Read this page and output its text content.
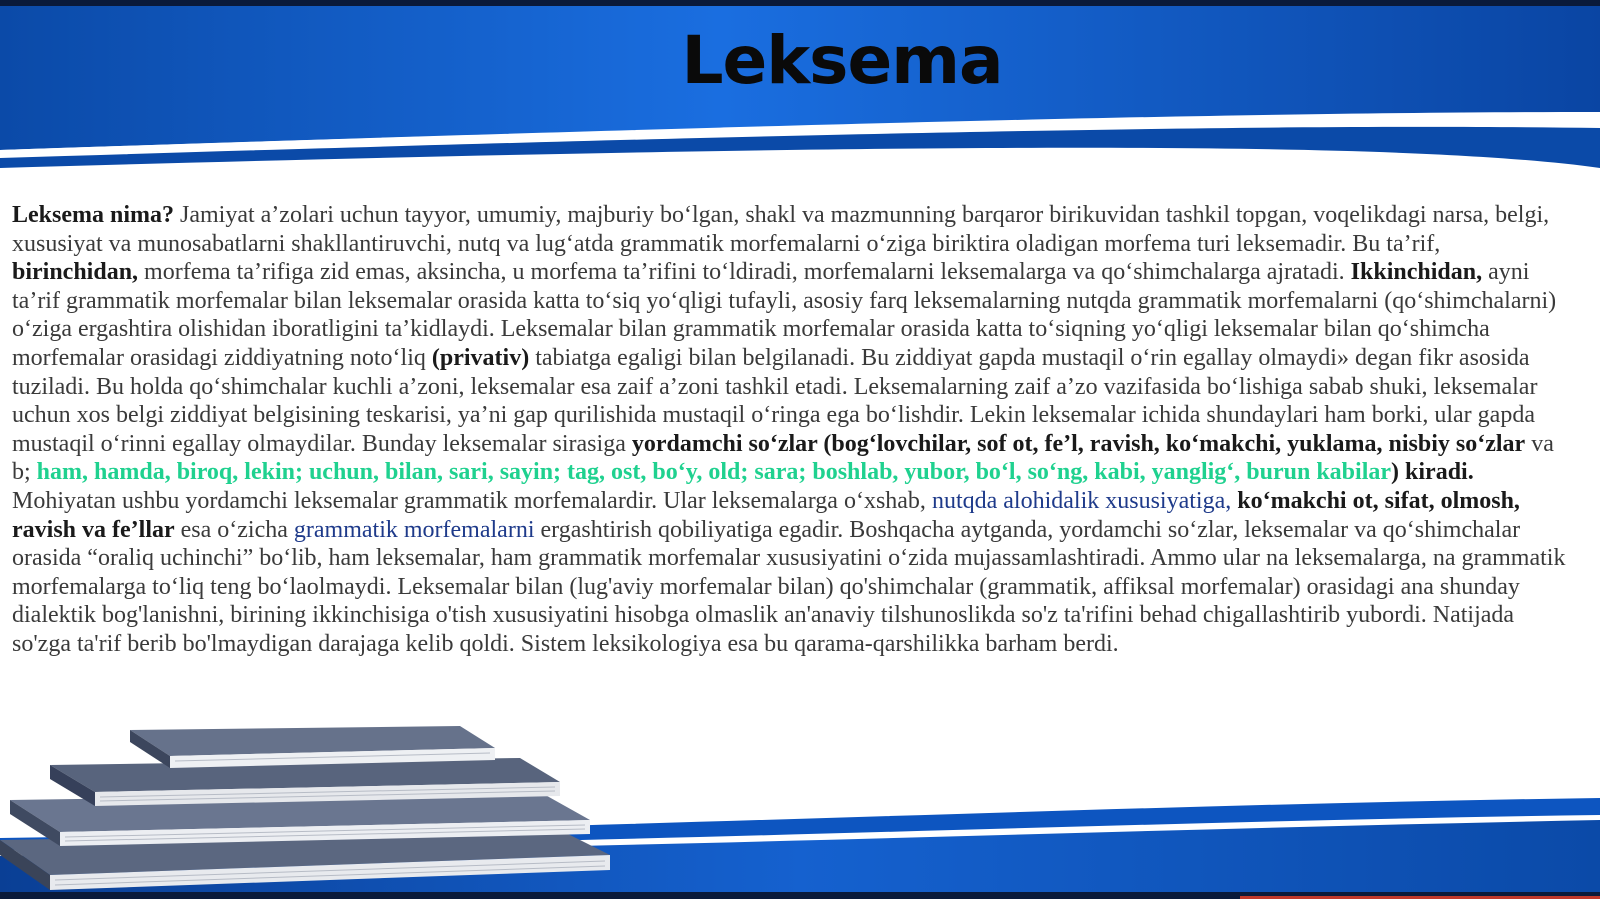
Leksema

Leksema nima? Jamiyat a’zolari uchun tayyor, umumiy, majburiy bo‘lgan, shakl va mazmunning barqaror birikuvidan tashkil topgan, voqelikdagi narsa, belgi, xususiyat va munosabatlarni shakllantiruvchi, nutq va lug‘atda grammatik morfemalarni o‘ziga biriktira oladigan morfema turi leksemadir. Bu ta’rif, birinchidan, morfema ta’rifiga zid emas, aksincha, u morfema ta’rifini to‘ldiradi, morfemalarni leksemalarga va qo‘shimchalarga ajratadi. Ikkinchidan, ayni ta’rif grammatik morfemalar bilan leksemalar orasida katta to‘siq yo‘qligi tufayli, asosiy farq leksemalarning nutqda grammatik morfemalarni (qo‘shimchalarni) o‘ziga ergashtira olishidan iboratligini ta’kidlaydi. Leksemalar bilan grammatik morfemalar orasida katta to‘siqning yo‘qligi leksemalar bilan qo‘shimcha morfemalar orasidagi ziddiyatning noto‘liq (privativ) tabiatga egaligi bilan belgilanadi. Bu ziddiyat gapda mustaqil o‘rin egallay olmaydi» degan fikr asosida tuziladi. Bu holda qo‘shimchalar kuchli a’zoni, leksemalar esa zaif a’zoni tashkil etadi. Leksemalarning zaif a’zo vazifasida bo‘lishiga sabab shuki, leksemalar uchun xos belgi ziddiyat belgisining teskarisi, ya’ni gap qurilishida mustaqil o‘ringa ega bo‘lishdir. Lekin leksemalar ichida shundaylari ham borki, ular gapda mustaqil o‘rinni egallay olmaydilar. Bunday leksemalar sirasiga yordamchi so‘zlar (bog‘lovchilar, sof ot, fe’l, ravish, ko‘makchi, yuklama, nisbiy so‘zlar va b; ham, hamda, biroq, lekin; uchun, bilan, sari, sayin; tag, ost, bo‘y, old; sara; boshlab, yubor, bo‘l, so‘ng, kabi, yanglig‘, burun kabilar) kiradi. Mohiyatan ushbu yordamchi leksemalar grammatik morfemalardir. Ular leksemalarga o‘xshab, nutqda alohidalik xususiyatiga, ko‘makchi ot, sifat, olmosh, ravish va fe’llar esa o‘zicha grammatik morfemalarni ergashtirish qobiliyatiga egadir. Boshqacha aytganda, yordamchi so‘zlar, leksemalar va qo‘shimchalar orasida “oraliq uchinchi” bo‘lib, ham leksemalar, ham grammatik morfemalar xususiyatini o‘zida mujassamlashtiradi. Ammo ular na leksemalarga, na grammatik morfemalarga to‘liq teng bo‘laolmaydi. Leksemalar bilan (lug'aviy morfemalar bilan) qo'shimchalar (grammatik, affiksal morfemalar) orasidagi ana shunday dialektik bog'lanishni, birining ikkinchisiga o'tish xususiyatini hisobga olmaslik an'anaviy tilshunoslikda so'z ta'rifini behad chigallashtirib yubordi. Natijada so'zga ta'rif berib bo'lmaydigan darajaga kelib qoldi. Sistem leksikologiya esa bu qarama-qarshilikka barham berdi.
